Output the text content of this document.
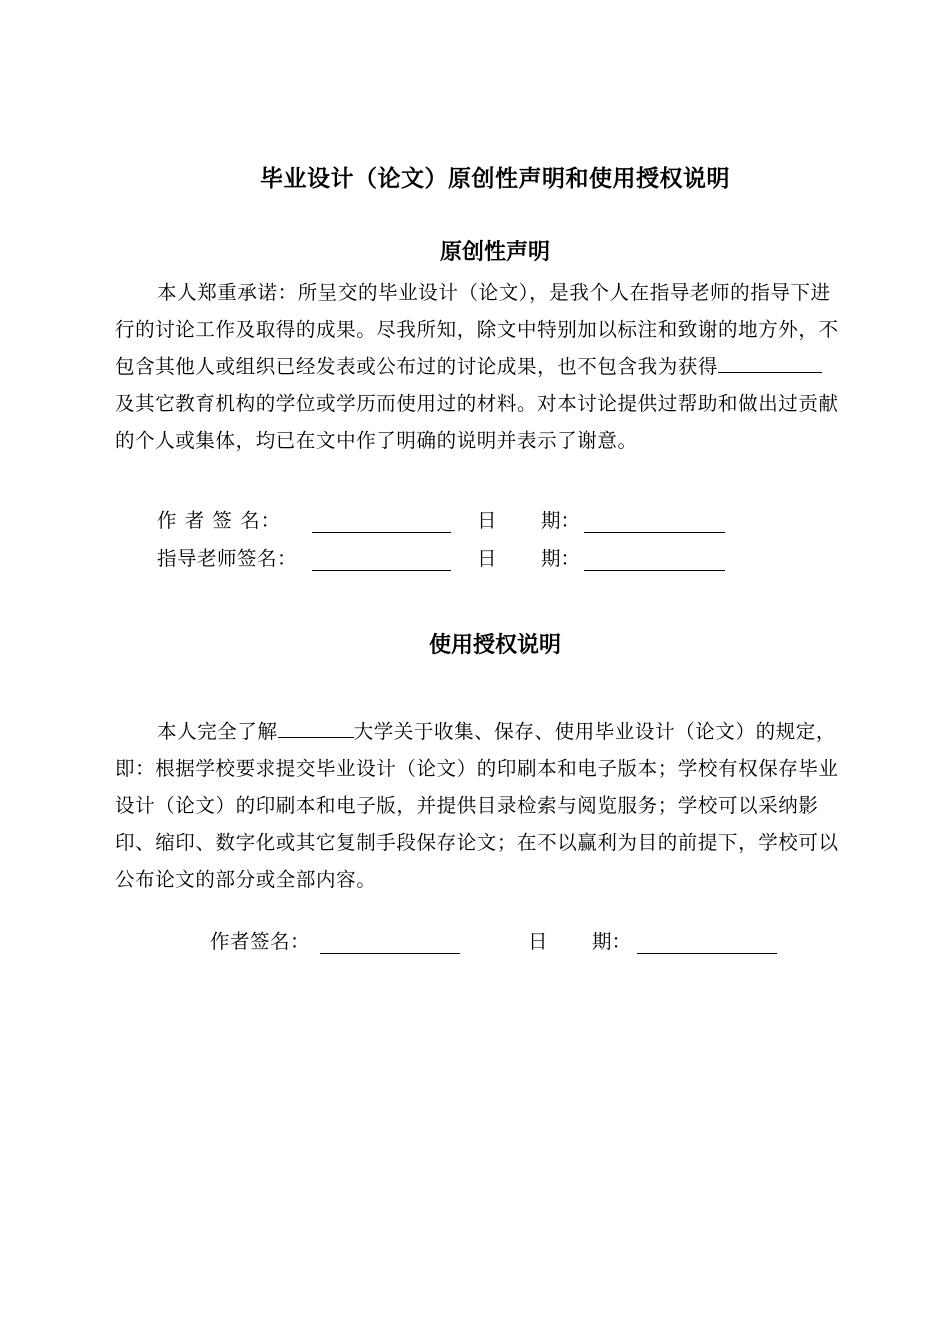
毕业设计（论文）原创性声明和使用授权说明
原创性声明
本人郑重承诺：所呈交的毕业设计（论文），是我个人在指导老师的指导下进行的讨论工作及取得的成果。尽我所知，除文中特别加以标注和致谢的地方外，不包含其他人或组织已经发表或公布过的讨论成果，也不包含我为获得及其它教育机构的学位或学历而使用过的材料。对本讨论提供过帮助和做出过贡献的个人或集体，均已在文中作了明确的说明并表示了谢意。
作 者 签 名：	日 期：
指导老师签名：	日 期：
使用授权说明
本人完全了解	大学关于收集、保存、使用毕业设计（论文）的规定，即：根据学校要求提交毕业设计（论文）的印刷本和电子版本；学校有权保存毕业设计（论文）的印刷本和电子版，并提供目录检索与阅览服务；学校可以采纳影印、缩印、数字化或其它复制手段保存论文；在不以赢利为目的前提下，学校可以公布论文的部分或全部内容。
作者签名：	日 期：
